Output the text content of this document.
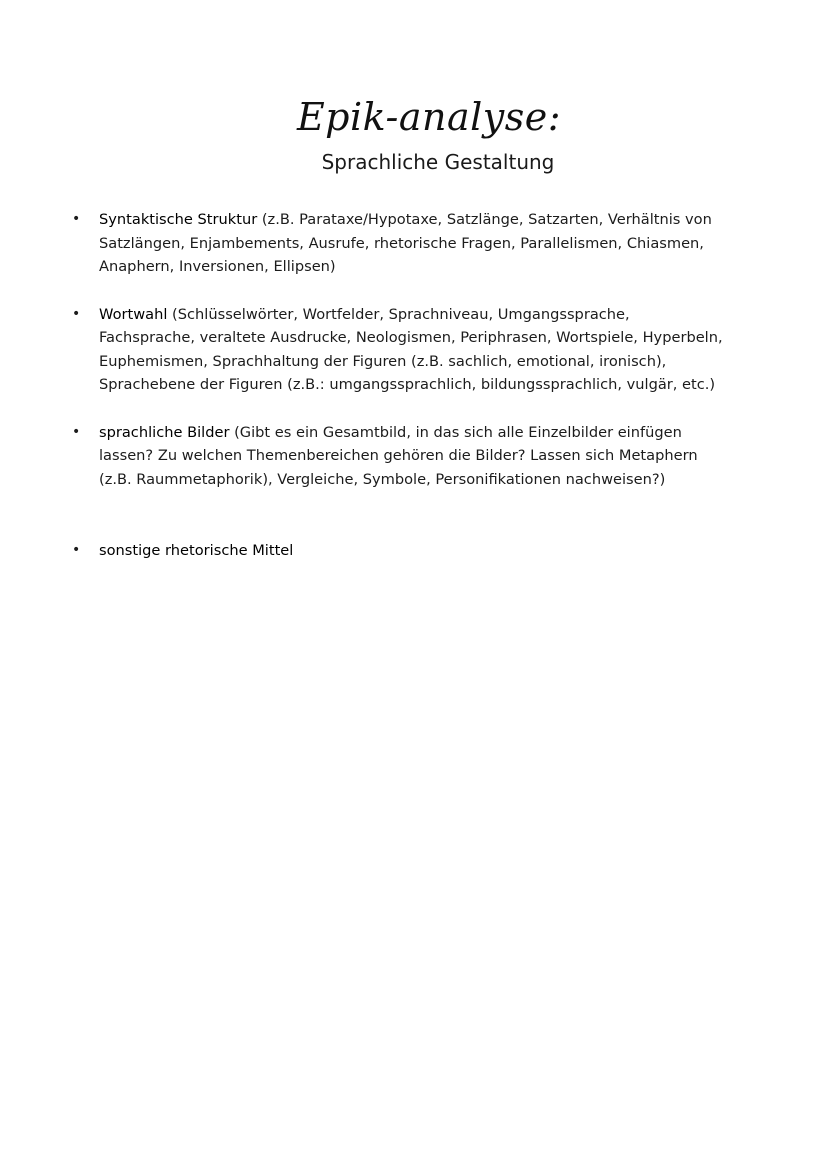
Epik-analyse:
Sprachliche Gestaltung
• Syntaktische Struktur (z.B. Parataxe/Hypotaxe, Satzlänge, Satzarten, Verhältnis von Satzlängen, Enjambements, Ausrufe, rhetorische Fragen, Parallelismen, Chiasmen, Anaphern, Inversionen, Ellipsen)
• Wortwahl (Schlüsselwörter, Wortfelder, Sprachniveau, Umgangssprache, Fachsprache, veraltete Ausdrucke, Neologismen, Periphrasen, Wortspiele, Hyperbeln, Euphemismen, Sprachhaltung der Figuren (z.B. sachlich, emotional, ironisch), Sprachebene der Figuren (z.B.: umgangssprachlich, bildungssprachlich, vulgär, etc.)
• sprachliche Bilder (Gibt es ein Gesamtbild, in das sich alle Einzelbilder einfügen lassen? Zu welchen Themenbereichen gehören die Bilder? Lassen sich Metaphern (z.B. Raummetaphorik), Vergleiche, Symbole, Personifikationen nachweisen?)
• sonstige rhetorische Mittel
